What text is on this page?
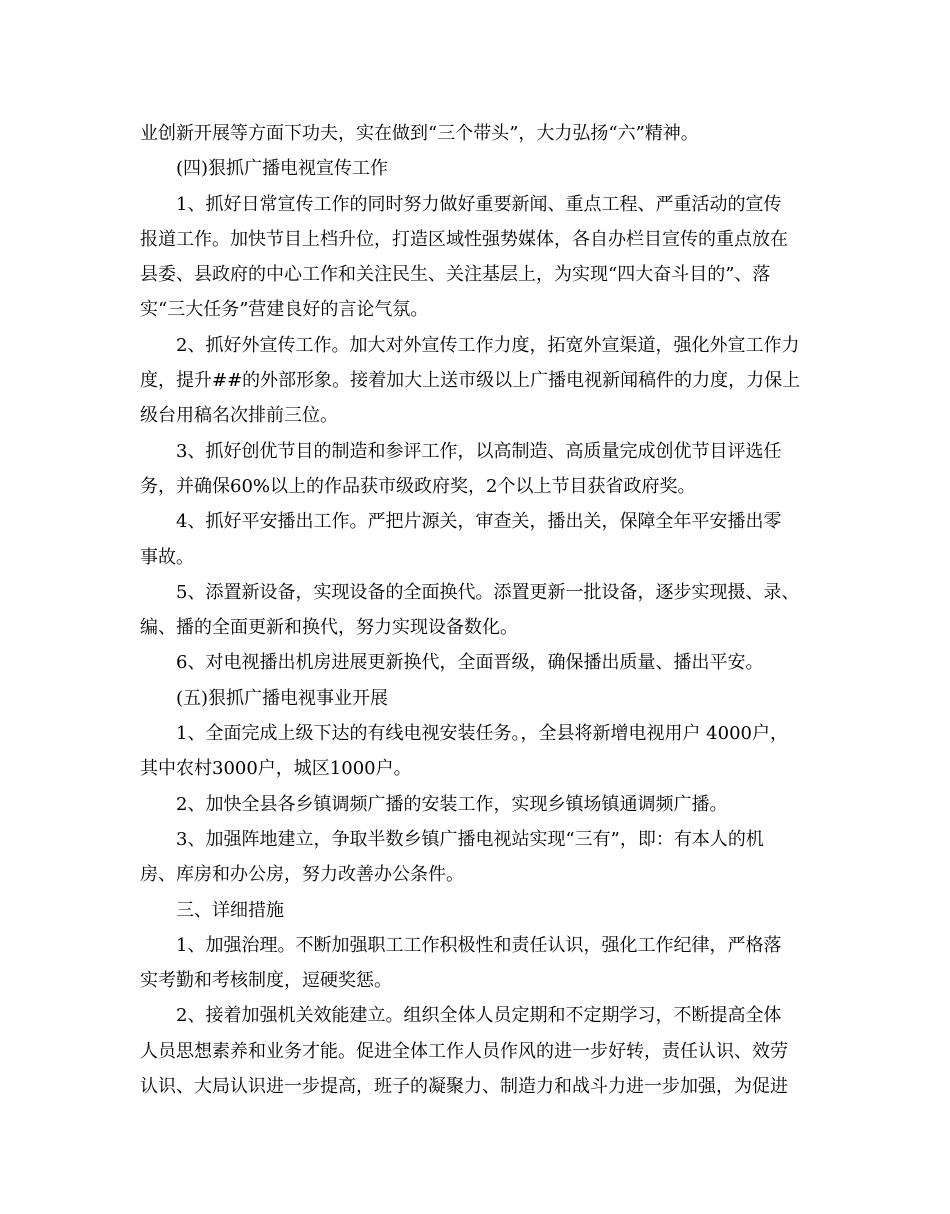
业创新开展等方面下功夫，实在做到“三个带头”，大力弘扬“六”精神。
(四)狠抓广播电视宣传工作
1、抓好日常宣传工作的同时努力做好重要新闻、重点工程、严重活动的宣传
报道工作。加快节目上档升位，打造区域性强势媒体，各自办栏目宣传的重点放在
县委、县政府的中心工作和关注民生、关注基层上，为实现“四大奋斗目的”、落
实“三大任务”营建良好的言论气氛。
2、抓好外宣传工作。加大对外宣传工作力度，拓宽外宣渠道，强化外宣工作力
度，提升##的外部形象。接着加大上送市级以上广播电视新闻稿件的力度，力保上
级台用稿名次排前三位。
3、抓好创优节目的制造和参评工作，以高制造、高质量完成创优节目评选任
务，并确保60%以上的作品获市级政府奖，2个以上节目获省政府奖。
4、抓好平安播出工作。严把片源关，审查关，播出关，保障全年平安播出零
事故。
5、添置新设备，实现设备的全面换代。添置更新一批设备，逐步实现摄、录、
编、播的全面更新和换代，努力实现设备数化。
6、对电视播出机房进展更新换代，全面晋级，确保播出质量、播出平安。
(五)狠抓广播电视事业开展
1、全面完成上级下达的有线电视安装任务。，全县将新增电视用户 4000户，
其中农村3000户，城区1000户。
2、加快全县各乡镇调频广播的安装工作，实现乡镇场镇通调频广播。
3、加强阵地建立，争取半数乡镇广播电视站实现“三有”，即：有本人的机
房、库房和办公房，努力改善办公条件。
三、详细措施
1、加强治理。不断加强职工工作积极性和责任认识，强化工作纪律，严格落
实考勤和考核制度，逗硬奖惩。
2、接着加强机关效能建立。组织全体人员定期和不定期学习，不断提高全体
人员思想素养和业务才能。促进全体工作人员作风的进一步好转，责任认识、效劳
认识、大局认识进一步提高，班子的凝聚力、制造力和战斗力进一步加强，为促进
